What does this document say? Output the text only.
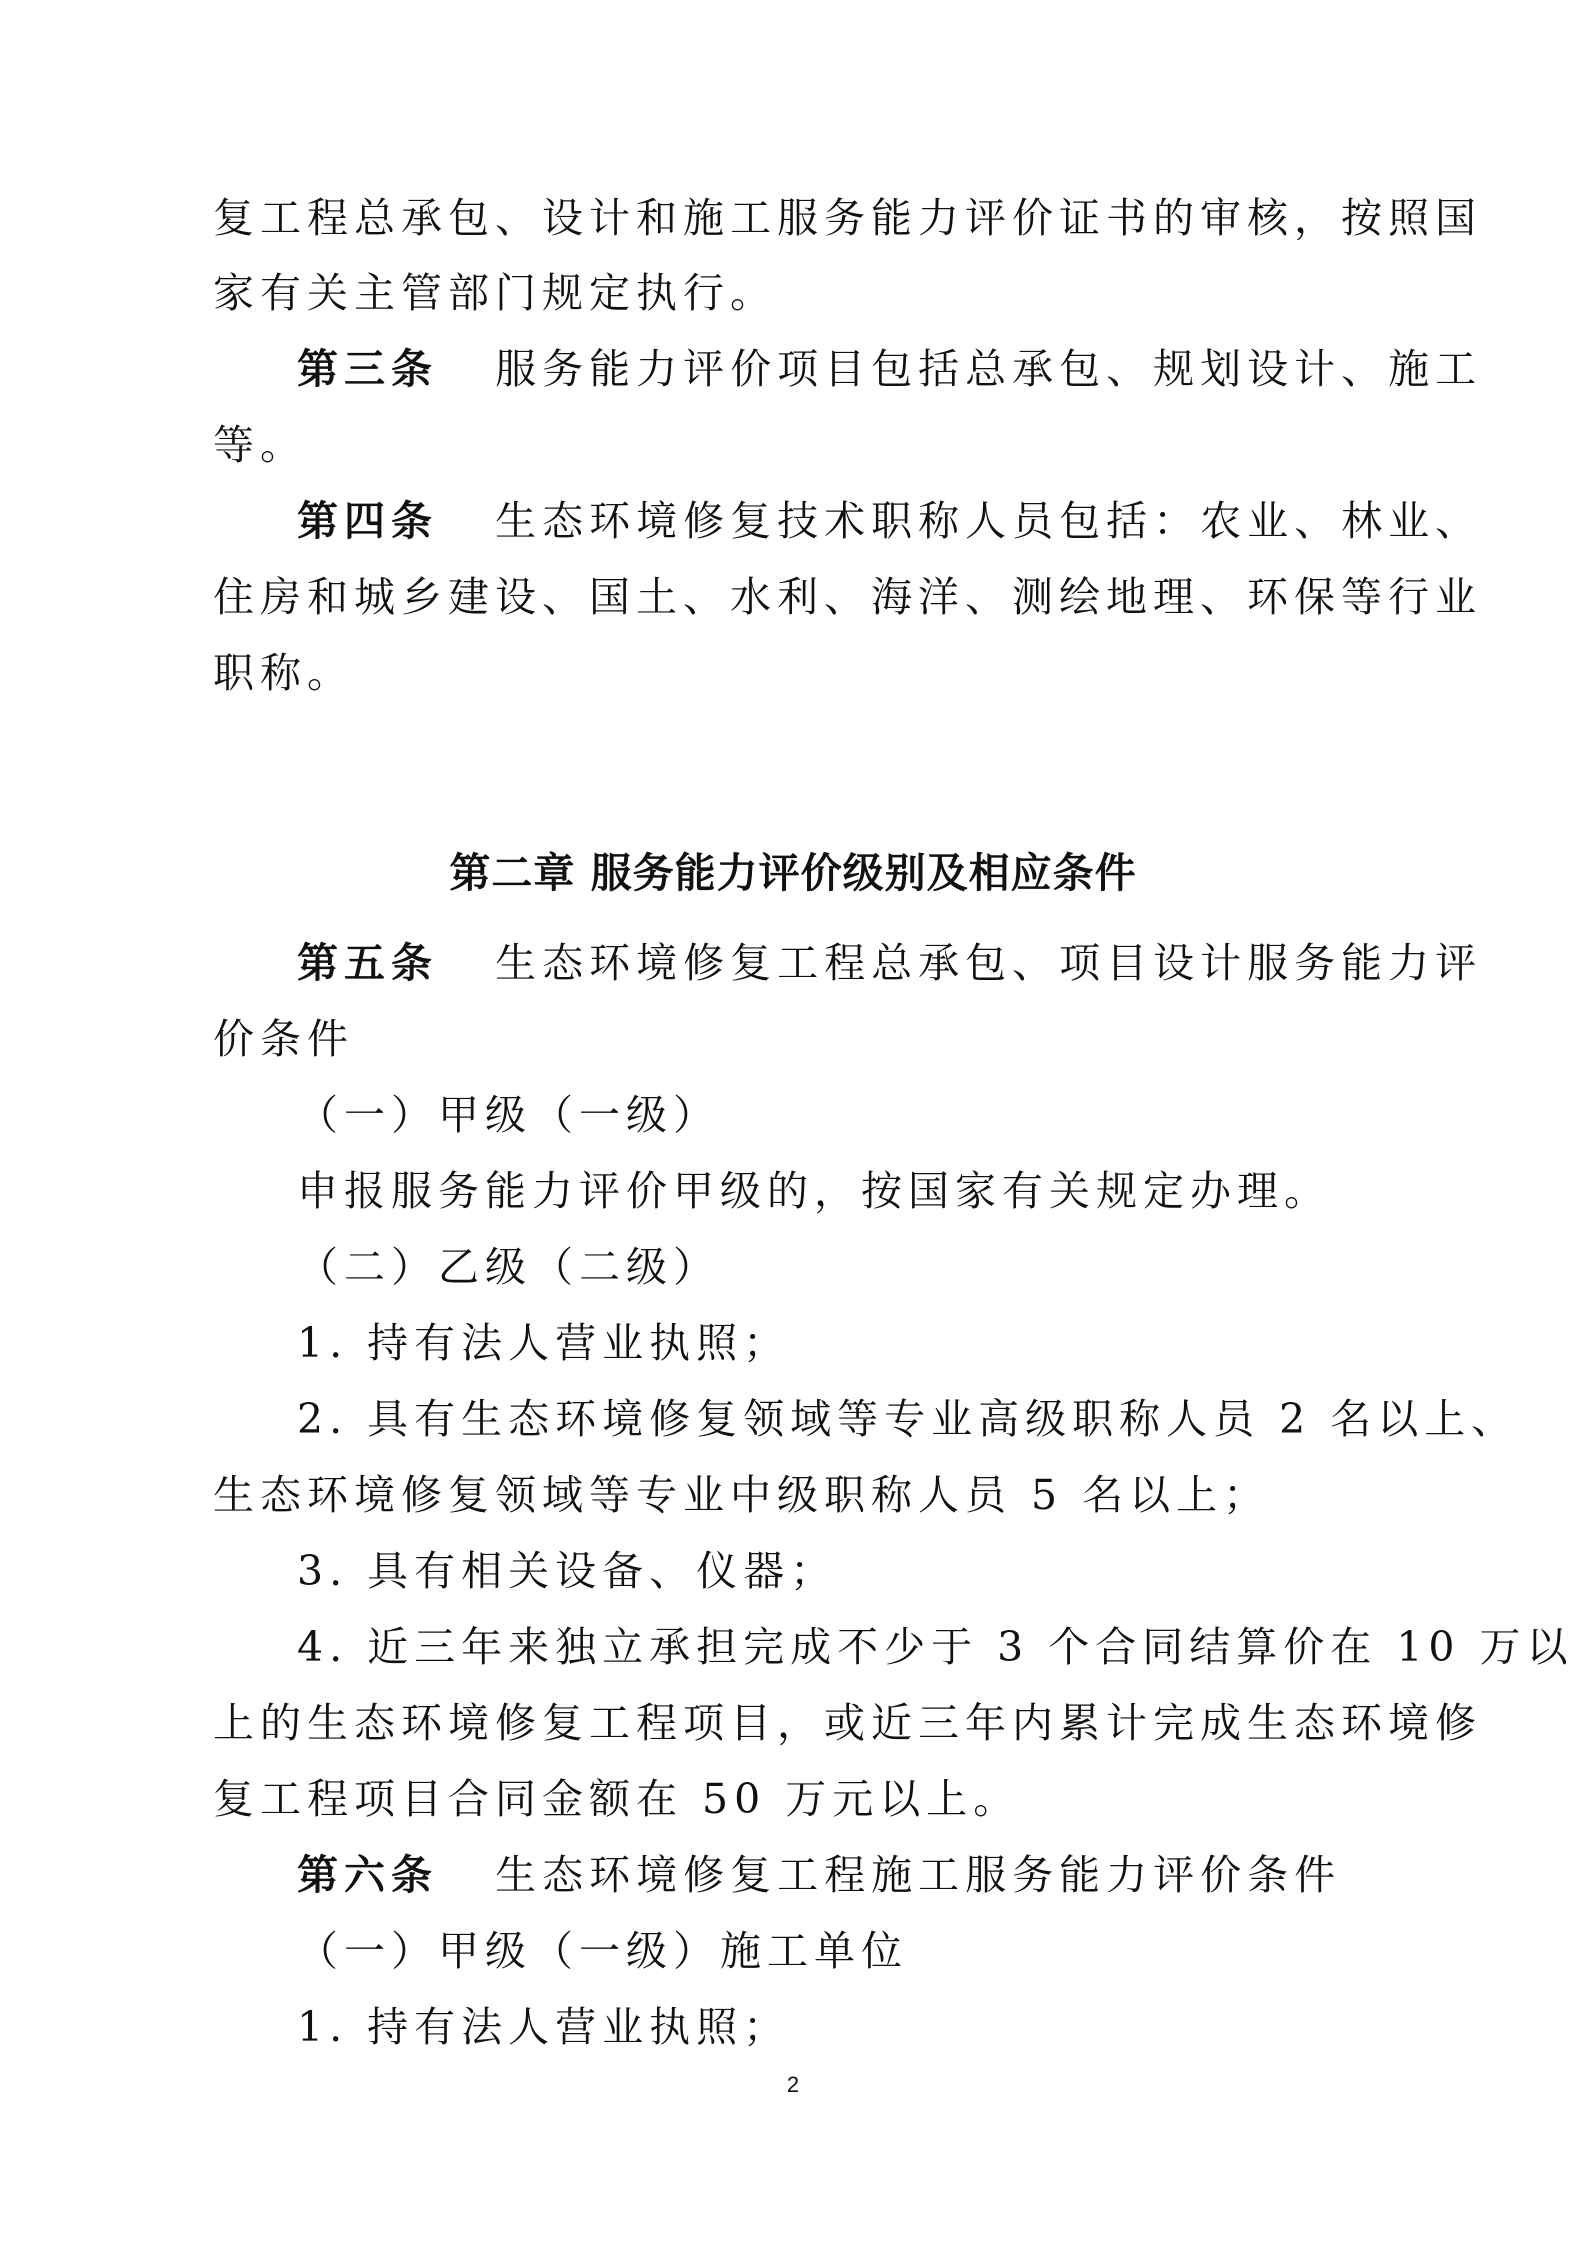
复工程总承包、设计和施工服务能力评价证书的审核，按照国
家有关主管部门规定执行。
第三条 服务能力评价项目包括总承包、规划设计、施工
等。
第四条 生态环境修复技术职称人员包括：农业、林业、
住房和城乡建设、国土、水利、海洋、测绘地理、环保等行业
职称。
第二章 服务能力评价级别及相应条件
第五条 生态环境修复工程总承包、项目设计服务能力评
价条件
（一）甲级（一级）
申报服务能力评价甲级的，按国家有关规定办理。
（二）乙级（二级）
1. 持有法人营业执照；
2. 具有生态环境修复领域等专业高级职称人员 2 名以上、
生态环境修复领域等专业中级职称人员 5 名以上；
3. 具有相关设备、仪器；
4. 近三年来独立承担完成不少于 3 个合同结算价在 10 万以
上的生态环境修复工程项目，或近三年内累计完成生态环境修
复工程项目合同金额在 50 万元以上。
第六条 生态环境修复工程施工服务能力评价条件
（一）甲级（一级）施工单位
1. 持有法人营业执照；
2
